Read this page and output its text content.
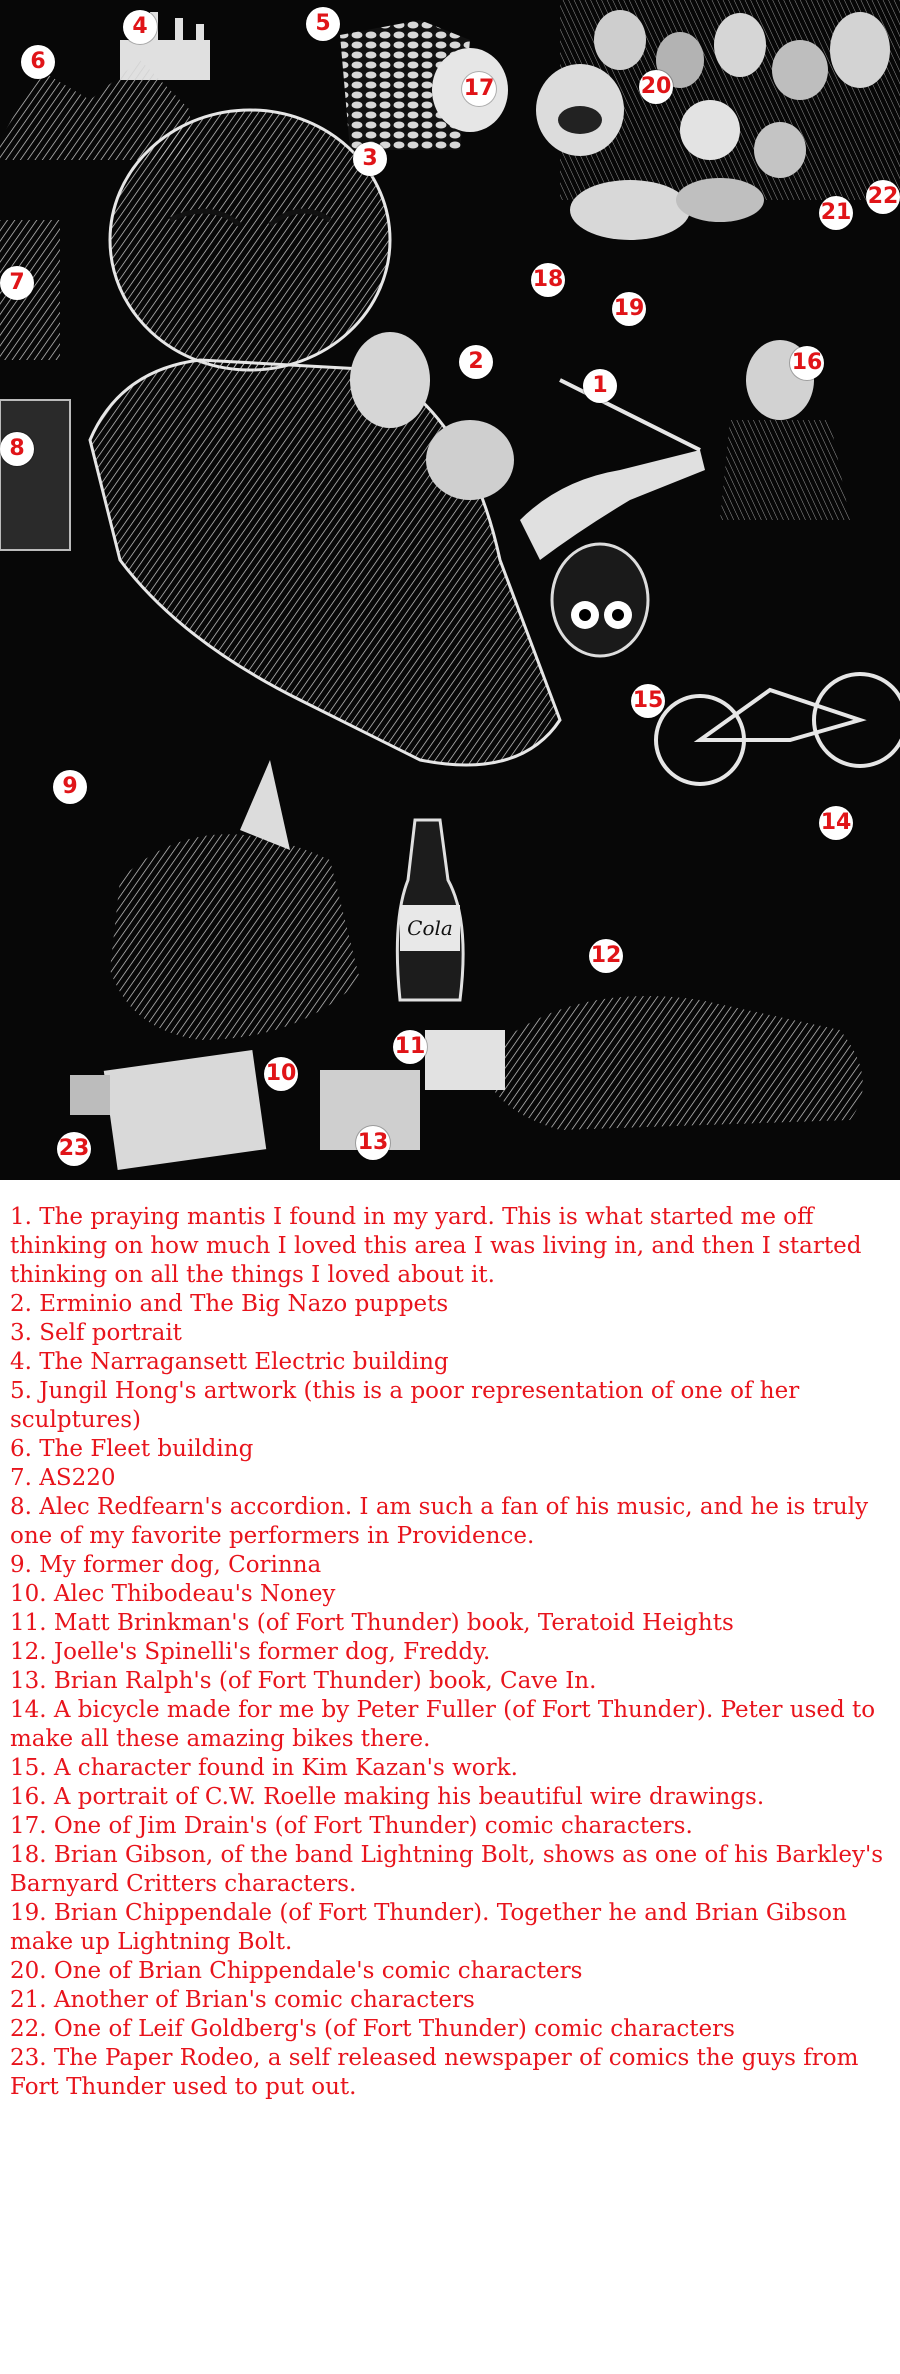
Cola
1
2
3
4	5
6
7
8
9
10
11
12
13
14
15
16
17
18
19
20
21
22
23
1. The praying mantis I found in my yard. This is what started me off thinking on how much I loved this area I was living in, and then I started thinking on all the things I loved about it.
2. Erminio and The Big Nazo puppets
3. Self portrait
4. The Narragansett Electric building
5. Jungil Hong's artwork (this is a poor representation of one of her sculptures)
6. The Fleet building
7. AS220
8. Alec Redfearn's accordion. I am such a fan of his music, and he is truly one of my favorite performers in Providence.
9. My former dog, Corinna
10. Alec Thibodeau's Noney
11. Matt Brinkman's (of Fort Thunder) book, Teratoid Heights
12. Joelle's Spinelli's former dog, Freddy.
13. Brian Ralph's (of Fort Thunder) book, Cave In.
14. A bicycle made for me by Peter Fuller (of Fort Thunder). Peter used to make all these amazing bikes there.
15. A character found in Kim Kazan's work.
16. A portrait of C.W. Roelle making his beautiful wire drawings.
17. One of Jim Drain's (of Fort Thunder) comic characters.
18. Brian Gibson, of the band Lightning Bolt, shows as one of his Barkley's Barnyard Critters characters.
19. Brian Chippendale (of Fort Thunder). Together he and Brian Gibson make up Lightning Bolt.
20. One of Brian Chippendale's comic characters
21. Another of Brian's comic characters
22. One of Leif Goldberg's (of Fort Thunder) comic characters
23. The Paper Rodeo, a self released newspaper of comics the guys from Fort Thunder used to put out.
